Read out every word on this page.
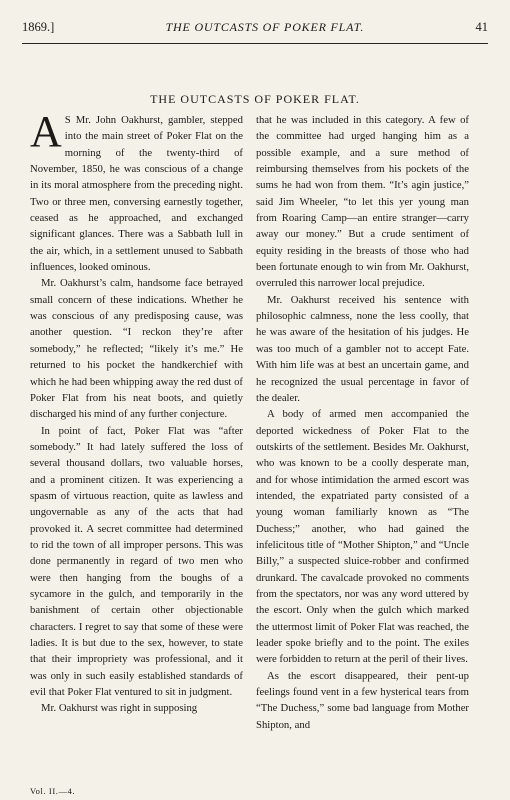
1869.]	THE OUTCASTS OF POKER FLAT.	41
THE OUTCASTS OF POKER FLAT.

A S Mr. John Oakhurst, gambler, stepped into the main street of Poker Flat on the morning of the twenty-third of November, 1850, he was conscious of a change in its moral atmosphere from the preceding night. Two or three men, conversing earnestly together, ceased as he approached, and exchanged significant glances. There was a Sabbath lull in the air, which, in a settlement unused to Sabbath influences, looked ominous.

Mr. Oakhurst’s calm, handsome face betrayed small concern of these indications. Whether he was conscious of any predisposing cause, was another question. “I reckon they’re after somebody,” he reflected; “likely it’s me.” He returned to his pocket the handkerchief with which he had been whipping away the red dust of Poker Flat from his neat boots, and quietly discharged his mind of any further conjecture.

In point of fact, Poker Flat was “after somebody.” It had lately suffered the loss of several thousand dollars, two valuable horses, and a prominent citizen. It was experiencing a spasm of virtuous reaction, quite as lawless and ungovernable as any of the acts that had provoked it. A secret committee had determined to rid the town of all improper persons. This was done permanently in regard of two men who were then hanging from the boughs of a sycamore in the gulch, and temporarily in the banishment of certain other objectionable characters. I regret to say that some of these were ladies. It is but due to the sex, however, to state that their impropriety was professional, and it was only in such easily established standards of evil that Poker Flat ventured to sit in judgment.

Mr. Oakhurst was right in supposing

that he was included in this category. A few of the committee had urged hanging him as a possible example, and a sure method of reimbursing themselves from his pockets of the sums he had won from them. “It’s agin justice,” said Jim Wheeler, “to let this yer young man from Roaring Camp—an entire stranger—carry away our money.” But a crude sentiment of equity residing in the breasts of those who had been fortunate enough to win from Mr. Oakhurst, overruled this narrower local prejudice.

Mr. Oakhurst received his sentence with philosophic calmness, none the less coolly, that he was aware of the hesitation of his judges. He was too much of a gambler not to accept Fate. With him life was at best an uncertain game, and he recognized the usual percentage in favor of the dealer.

A body of armed men accompanied the deported wickedness of Poker Flat to the outskirts of the settlement. Besides Mr. Oakhurst, who was known to be a coolly desperate man, and for whose intimidation the armed escort was intended, the expatriated party consisted of a young woman familiarly known as “The Duchess;” another, who had gained the infelicitous title of “Mother Shipton,” and “Uncle Billy,” a suspected sluice-robber and confirmed drunkard. The cavalcade provoked no comments from the spectators, nor was any word uttered by the escort. Only when the gulch which marked the uttermost limit of Poker Flat was reached, the leader spoke briefly and to the point. The exiles were forbidden to return at the peril of their lives.

As the escort disappeared, their pent-up feelings found vent in a few hysterical tears from “The Duchess,” some bad language from Mother Shipton, and

Vol. II.—4.
